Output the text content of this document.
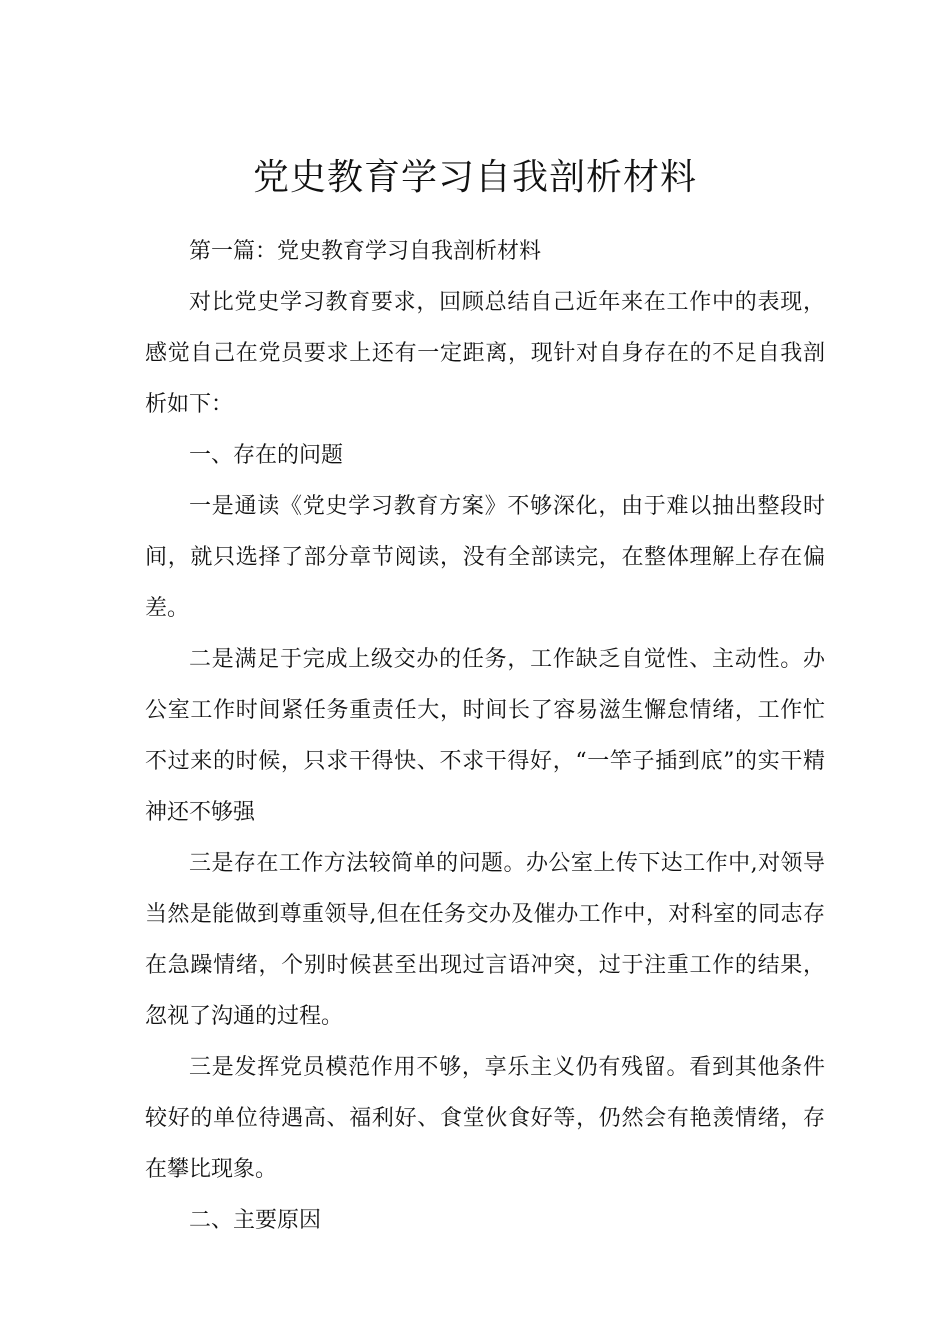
党史教育学习自我剖析材料

第一篇：党史教育学习自我剖析材料

对比党史学习教育要求，回顾总结自己近年来在工作中的表现，感觉自己在党员要求上还有一定距离，现针对自身存在的不足自我剖析如下：

一、存在的问题

一是通读《党史学习教育方案》不够深化，由于难以抽出整段时间，就只选择了部分章节阅读，没有全部读完，在整体理解上存在偏差。

二是满足于完成上级交办的任务，工作缺乏自觉性、主动性。办公室工作时间紧任务重责任大，时间长了容易滋生懈怠情绪，工作忙不过来的时候，只求干得快、不求干得好，“一竿子插到底”的实干精神还不够强

三是存在工作方法较简单的问题。办公室上传下达工作中,对领导当然是能做到尊重领导,但在任务交办及催办工作中，对科室的同志存在急躁情绪，个别时候甚至出现过言语冲突，过于注重工作的结果，忽视了沟通的过程。

三是发挥党员模范作用不够，享乐主义仍有残留。看到其他条件较好的单位待遇高、福利好、食堂伙食好等，仍然会有艳羡情绪，存在攀比现象。

二、主要原因
